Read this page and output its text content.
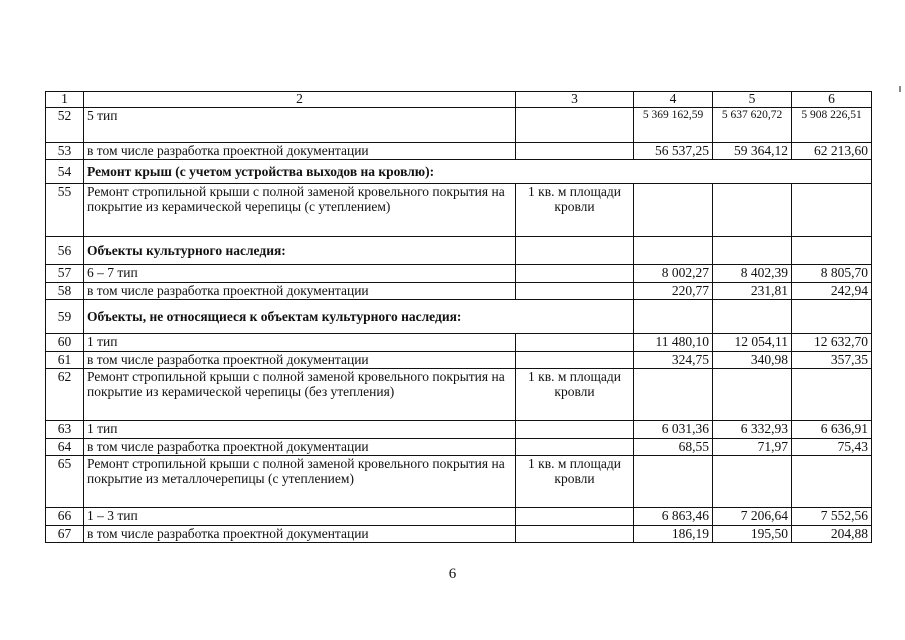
1	2	3	4	5	6
52	5 тип		5 369 162,59	5 637 620,72	5 908 226,51
53	в том числе разработка проектной документации		56 537,25	59 364,12	62 213,60
54	Ремонт крыш (с учетом устройства выходов на кровлю):				
55	Ремонт стропильной крыши с полной заменой кровельного покрытия на покрытие из керамической черепицы (с утеплением)	1 кв. м площади кровли			
56	Объекты культурного наследия:				
57	6 – 7 тип		8 002,27	8 402,39	8 805,70
58	в том числе разработка проектной документации		220,77	231,81	242,94
59	Объекты, не относящиеся к объектам культурного наследия:				
60	1 тип		11 480,10	12 054,11	12 632,70
61	в том числе разработка проектной документации		324,75	340,98	357,35
62	Ремонт стропильной крыши с полной заменой кровельного покрытия на покрытие из керамической черепицы (без утепления)	1 кв. м площади кровли			
63	1 тип		6 031,36	6 332,93	6 636,91
64	в том числе разработка проектной документации		68,55	71,97	75,43
65	Ремонт стропильной крыши с полной заменой кровельного покрытия на покрытие из металлочерепицы (с утеплением)	1 кв. м площади кровли			
66	1 – 3 тип		6 863,46	7 206,64	7 552,56
67	в том числе разработка проектной документации		186,19	195,50	204,88
6
